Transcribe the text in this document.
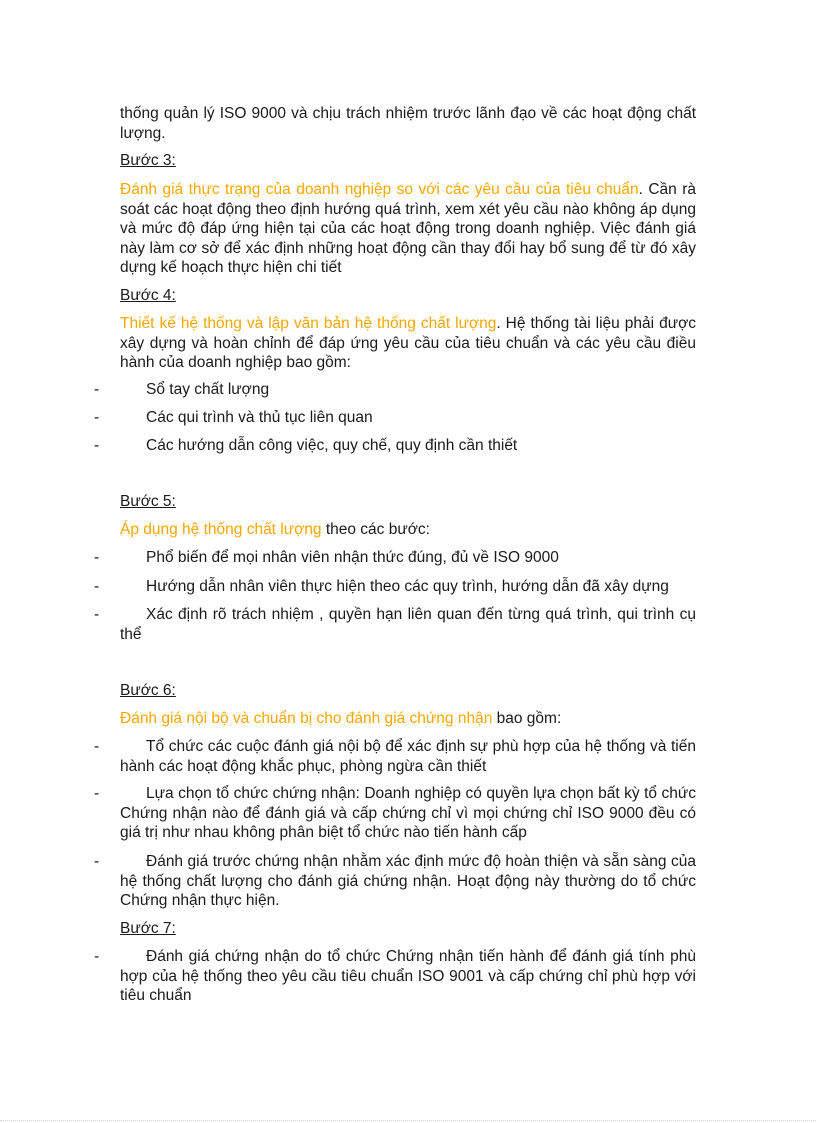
thống quản lý ISO 9000 và chịu trách nhiệm trước lãnh đạo về các hoạt động chất lượng.
Bước 3:
Đánh giá thực trạng của doanh nghiệp so với các yêu cầu của tiêu chuẩn. Cần rà soát các hoạt động theo định hướng quá trình, xem xét yêu cầu nào không áp dụng và mức độ đáp ứng hiện tại của các hoạt động trong doanh nghiệp. Việc đánh giá này làm cơ sở để xác định những hoạt động cần thay đổi hay bổ sung để từ đó xây dựng kế hoạch thực hiện chi tiết
Bước 4:
Thiết kế hệ thống và lập văn bản hệ thống chất lượng. Hệ thống tài liệu phải được xây dựng và hoàn chỉnh để đáp ứng yêu cầu của tiêu chuẩn và các yêu cầu điều hành của doanh nghiệp bao gồm:
-	Sổ tay chất lượng
-	Các qui trình và thủ tục liên quan
-	Các hướng dẫn công việc, quy chế, quy định cần thiết
Bước 5:
Áp dụng hệ thống chất lượng theo các bước:
-	Phổ biến để mọi nhân viên nhận thức đúng, đủ về ISO 9000
-	Hướng dẫn nhân viên thực hiện theo các quy trình, hướng dẫn đã xây dựng
-	Xác định rõ trách nhiệm , quyền hạn liên quan đến từng quá trình, qui trình cụ thể
Bước 6:
Đánh giá nội bộ và chuẩn bị cho đánh giá chứng nhận bao gồm:
-	Tổ chức các cuộc đánh giá nội bộ để xác định sự phù hợp của hệ thống và tiến hành các hoạt động khắc phục, phòng ngừa cần thiết
-	Lựa chọn tổ chức chứng nhận: Doanh nghiệp có quyền lựa chọn bất kỳ tổ chức Chứng nhận nào để đánh giá và cấp chứng chỉ vì mọi chứng chỉ ISO 9000 đều có giá trị như nhau không phân biệt tổ chức nào tiến hành cấp
-	Đánh giá trước chứng nhận nhằm xác định mức độ hoàn thiện và sẵn sàng của hệ thống chất lượng cho đánh giá chứng nhận. Hoạt động này thường do tổ chức Chứng nhận thực hiện.
Bước 7:
-	Đánh giá chứng nhận do tổ chức Chứng nhận tiến hành để đánh giá tính phù hợp của hệ thống theo yêu cầu tiêu chuẩn ISO 9001 và cấp chứng chỉ phù hợp với tiêu chuẩn
